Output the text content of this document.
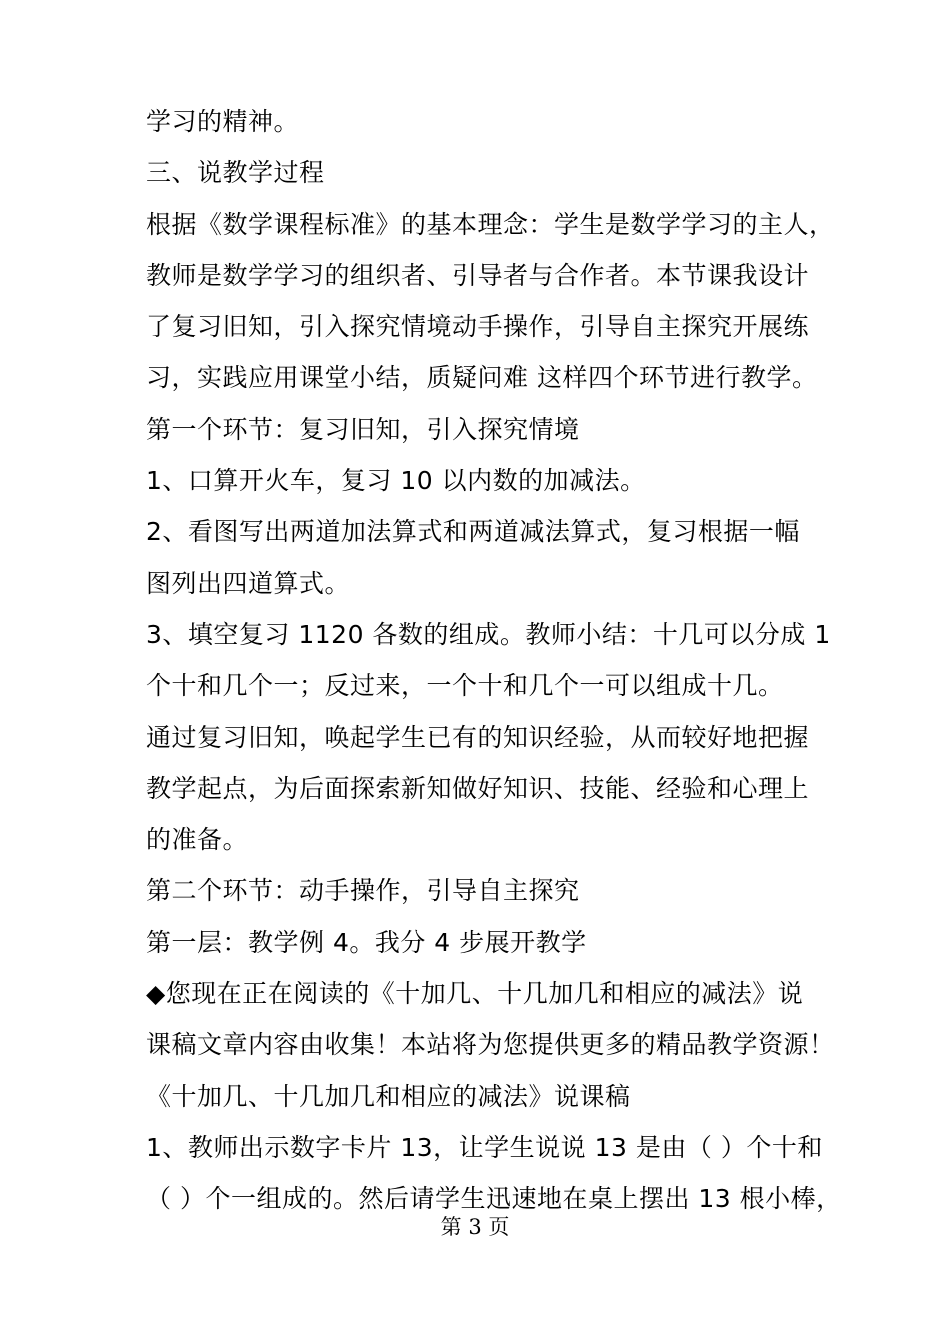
学习的精神。
三、说教学过程
根据《数学课程标准》的基本理念：学生是数学学习的主人，
教师是数学学习的组织者、引导者与合作者。本节课我设计
了复习旧知，引入探究情境动手操作，引导自主探究开展练
习，实践应用课堂小结，质疑问难 这样四个环节进行教学。
第一个环节：复习旧知，引入探究情境
1、口算开火车，复习 10 以内数的加减法。
2、看图写出两道加法算式和两道减法算式，复习根据一幅
图列出四道算式。
3、填空复习 1120 各数的组成。教师小结：十几可以分成 1
个十和几个一；反过来，一个十和几个一可以组成十几。
通过复习旧知，唤起学生已有的知识经验，从而较好地把握
教学起点，为后面探索新知做好知识、技能、经验和心理上
的准备。
第二个环节：动手操作，引导自主探究
第一层：教学例 4。我分 4 步展开教学
◆您现在正在阅读的《十加几、十几加几和相应的减法》说
课稿文章内容由收集！本站将为您提供更多的精品教学资源！
《十加几、十几加几和相应的减法》说课稿
1、教师出示数字卡片 13，让学生说说 13 是由（ ）个十和
（ ）个一组成的。然后请学生迅速地在桌上摆出 13 根小棒，
第 3 页
